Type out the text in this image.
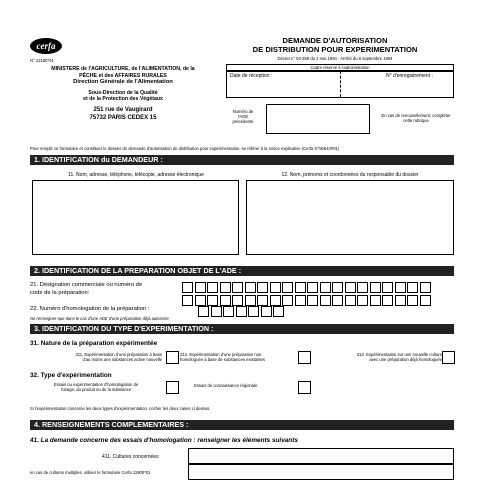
cerfa
N° 12180*01
DEMANDE D'AUTORISATION
DE DISTRIBUTION POUR EXPERIMENTATION
Décret n° 94-359 du 2 mai 1994 - Arrêté du 6 septembre 1994
MINISTERE de l'AGRICULTURE, de l'ALIMENTATION, de la
PÊCHE et des AFFAIRES RURALES
Direction Générale de l'Alimentation
Sous-Direction de la Qualité
et de la Protection des Végétaux
251 rue de Vaugirard
75732 PARIS CEDEX 15
Cadre réservé à l'administration
Date de réception :	N° d'enregistrement :
Numéro de
l'ADE
précédente
En cas de renouvellement, compléter
cette rubrique
Pour remplir ce formulaire et constituer le dossier de demande d'autorisation de distribution pour expérimentation, se référer à la notice explicative (Cerfa N°50843#01)
1. IDENTIFICATION du DEMANDEUR :
11. Nom, adresse, téléphone, télécopie, adresse électronique	12. Nom, prénoms et coordonnées du responsable du dossier
2. IDENTIFICATION DE LA PREPARATION OBJET DE L'ADE :
21. Désignation commerciale ou numéro de
code de la préparation:
22. Numéro d'homologation de la préparation :
Ne renseigner que dans le cas d'une ADE d'une préparation déjà autorisée
3. IDENTIFICATION DU TYPE D'EXPERIMENTATION :
31. Nature de la préparation expérimentée
311. Expérimentation d'une préparation à base
d'au moins une substances active nouvelle
312. Expérimentation d'une préparation non
homologuée à base de substances existantes
313. Expérimentation sur une nouvelle culture
avec une préparation déjà homologuée
32. Type d'expérimentation
Essais ou expérimentation d'homologation de
l'usage, du produit ou de la substance
Essais de connaissance régionale
Si l'expérimentation concerne les deux types d'expérimentation, cocher les deux cases ci dessus.
4. RENSEIGNEMENTS COMPLEMENTAIRES :
41. La demande concerne des essais d'homologation : renseigner les éléments suivants
411. Cultures concernées
en cas de cultures multiples, utiliser le formulaire Cerfa 11900*01
